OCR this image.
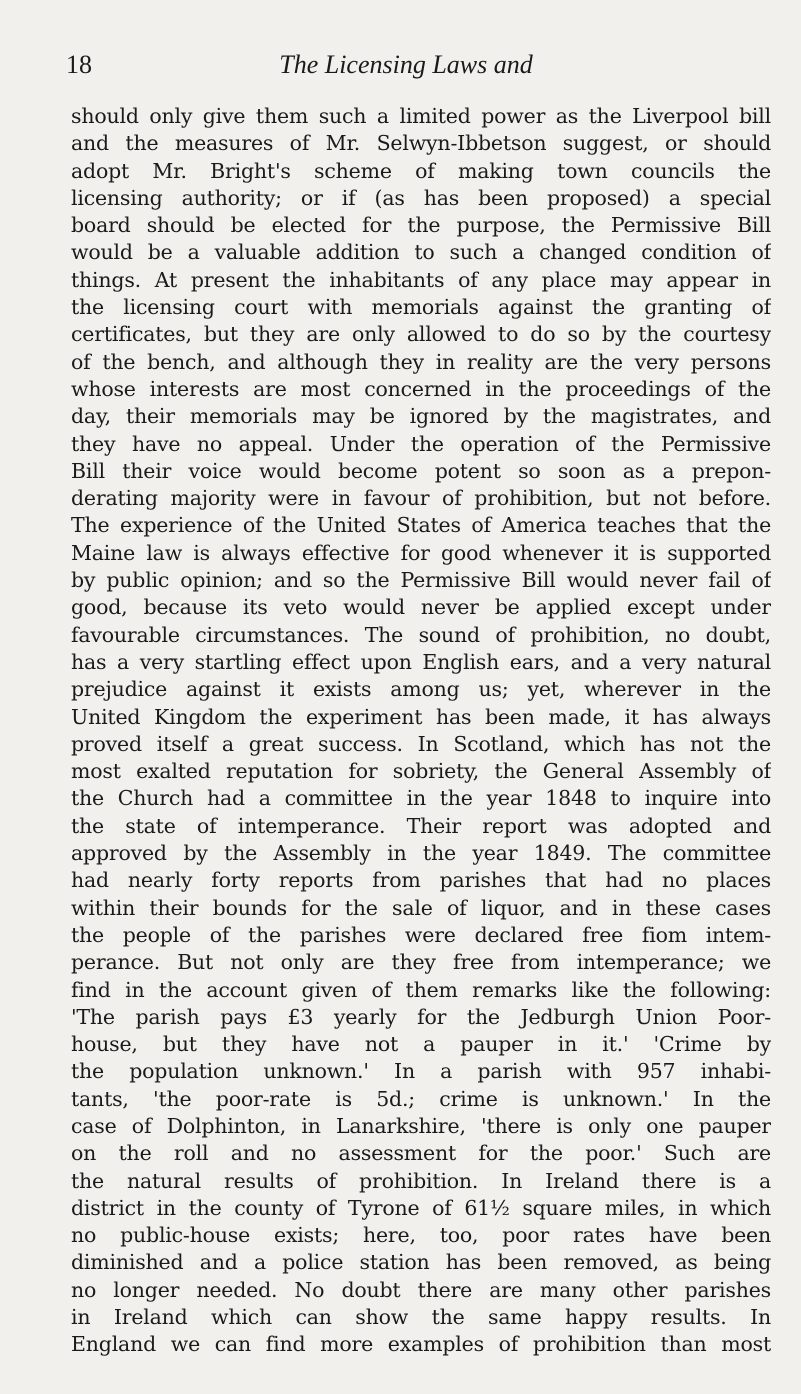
18	The Licensing Laws and
should only give them such a limited power as the Liverpool bill
and the measures of Mr. Selwyn-Ibbetson suggest, or should
adopt Mr. Bright's scheme of making town councils the
licensing authority; or if (as has been proposed) a special
board should be elected for the purpose, the Permissive Bill
would be a valuable addition to such a changed condition of
things. At present the inhabitants of any place may appear in
the licensing court with memorials against the granting of
certificates, but they are only allowed to do so by the courtesy
of the bench, and although they in reality are the very persons
whose interests are most concerned in the proceedings of the
day, their memorials may be ignored by the magistrates, and
they have no appeal. Under the operation of the Permissive
Bill their voice would become potent so soon as a prepon-
derating majority were in favour of prohibition, but not before.
The experience of the United States of America teaches that the
Maine law is always effective for good whenever it is supported
by public opinion; and so the Permissive Bill would never fail of
good, because its veto would never be applied except under
favourable circumstances. The sound of prohibition, no doubt,
has a very startling effect upon English ears, and a very natural
prejudice against it exists among us; yet, wherever in the
United Kingdom the experiment has been made, it has always
proved itself a great success. In Scotland, which has not the
most exalted reputation for sobriety, the General Assembly of
the Church had a committee in the year 1848 to inquire into
the state of intemperance. Their report was adopted and
approved by the Assembly in the year 1849. The committee
had nearly forty reports from parishes that had no places
within their bounds for the sale of liquor, and in these cases
the people of the parishes were declared free fiom intem-
perance. But not only are they free from intemperance; we
find in the account given of them remarks like the following:
'The parish pays £3 yearly for the Jedburgh Union Poor-
house, but they have not a pauper in it.' 'Crime by
the population unknown.' In a parish with 957 inhabi-
tants, 'the poor-rate is 5d.; crime is unknown.' In the
case of Dolphinton, in Lanarkshire, 'there is only one pauper
on the roll and no assessment for the poor.' Such are
the natural results of prohibition. In Ireland there is a
district in the county of Tyrone of 61½ square miles, in which
no public-house exists; here, too, poor rates have been
diminished and a police station has been removed, as being
no longer needed. No doubt there are many other parishes
in Ireland which can show the same happy results. In
England we can find more examples of prohibition than most
